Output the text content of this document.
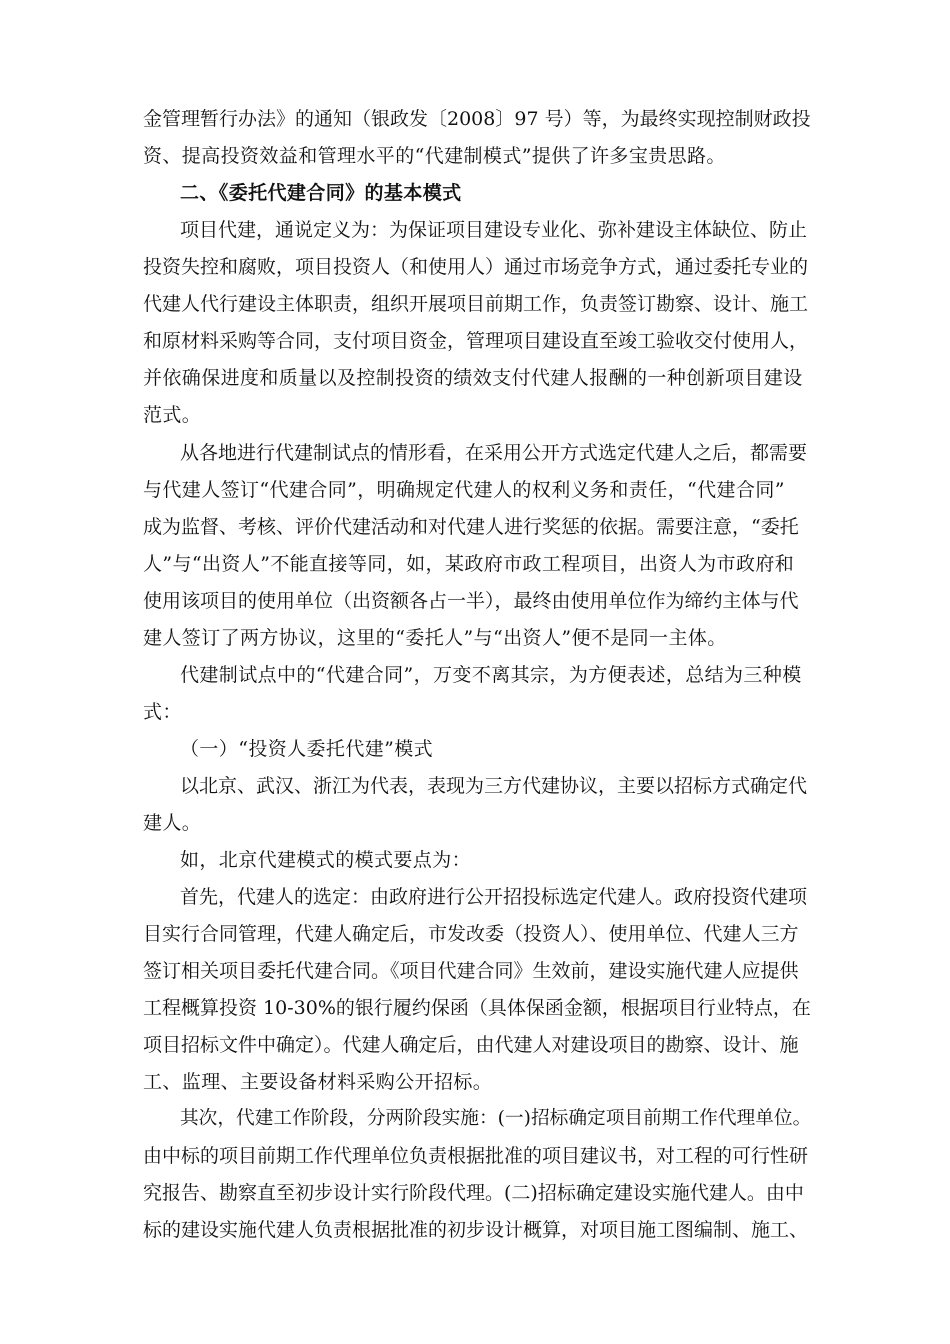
金管理暂行办法》的通知（银政发〔2008〕97 号）等，为最终实现控制财政投
资、提高投资效益和管理水平的“代建制模式”提供了许多宝贵思路。
二、《委托代建合同》的基本模式
项目代建，通说定义为：为保证项目建设专业化、弥补建设主体缺位、防止
投资失控和腐败，项目投资人（和使用人）通过市场竞争方式，通过委托专业的
代建人代行建设主体职责，组织开展项目前期工作，负责签订勘察、设计、施工
和原材料采购等合同，支付项目资金，管理项目建设直至竣工验收交付使用人，
并依确保进度和质量以及控制投资的绩效支付代建人报酬的一种创新项目建设
范式。
从各地进行代建制试点的情形看，在采用公开方式选定代建人之后，都需要
与代建人签订“代建合同”，明确规定代建人的权利义务和责任，“代建合同”
成为监督、考核、评价代建活动和对代建人进行奖惩的依据。需要注意，“委托
人”与“出资人”不能直接等同，如，某政府市政工程项目，出资人为市政府和
使用该项目的使用单位（出资额各占一半），最终由使用单位作为缔约主体与代
建人签订了两方协议，这里的“委托人”与“出资人”便不是同一主体。
代建制试点中的“代建合同”，万变不离其宗，为方便表述，总结为三种模
式：
（一）“投资人委托代建”模式
以北京、武汉、浙江为代表，表现为三方代建协议，主要以招标方式确定代
建人。
如，北京代建模式的模式要点为：
首先，代建人的选定：由政府进行公开招投标选定代建人。政府投资代建项
目实行合同管理，代建人确定后，市发改委（投资人）、使用单位、代建人三方
签订相关项目委托代建合同。《项目代建合同》生效前，建设实施代建人应提供
工程概算投资 10-30%的银行履约保函（具体保函金额，根据项目行业特点，在
项目招标文件中确定）。代建人确定后，由代建人对建设项目的勘察、设计、施
工、监理、主要设备材料采购公开招标。
其次，代建工作阶段，分两阶段实施：(一)招标确定项目前期工作代理单位。
由中标的项目前期工作代理单位负责根据批准的项目建议书，对工程的可行性研
究报告、勘察直至初步设计实行阶段代理。(二)招标确定建设实施代建人。由中
标的建设实施代建人负责根据批准的初步设计概算，对项目施工图编制、施工、
